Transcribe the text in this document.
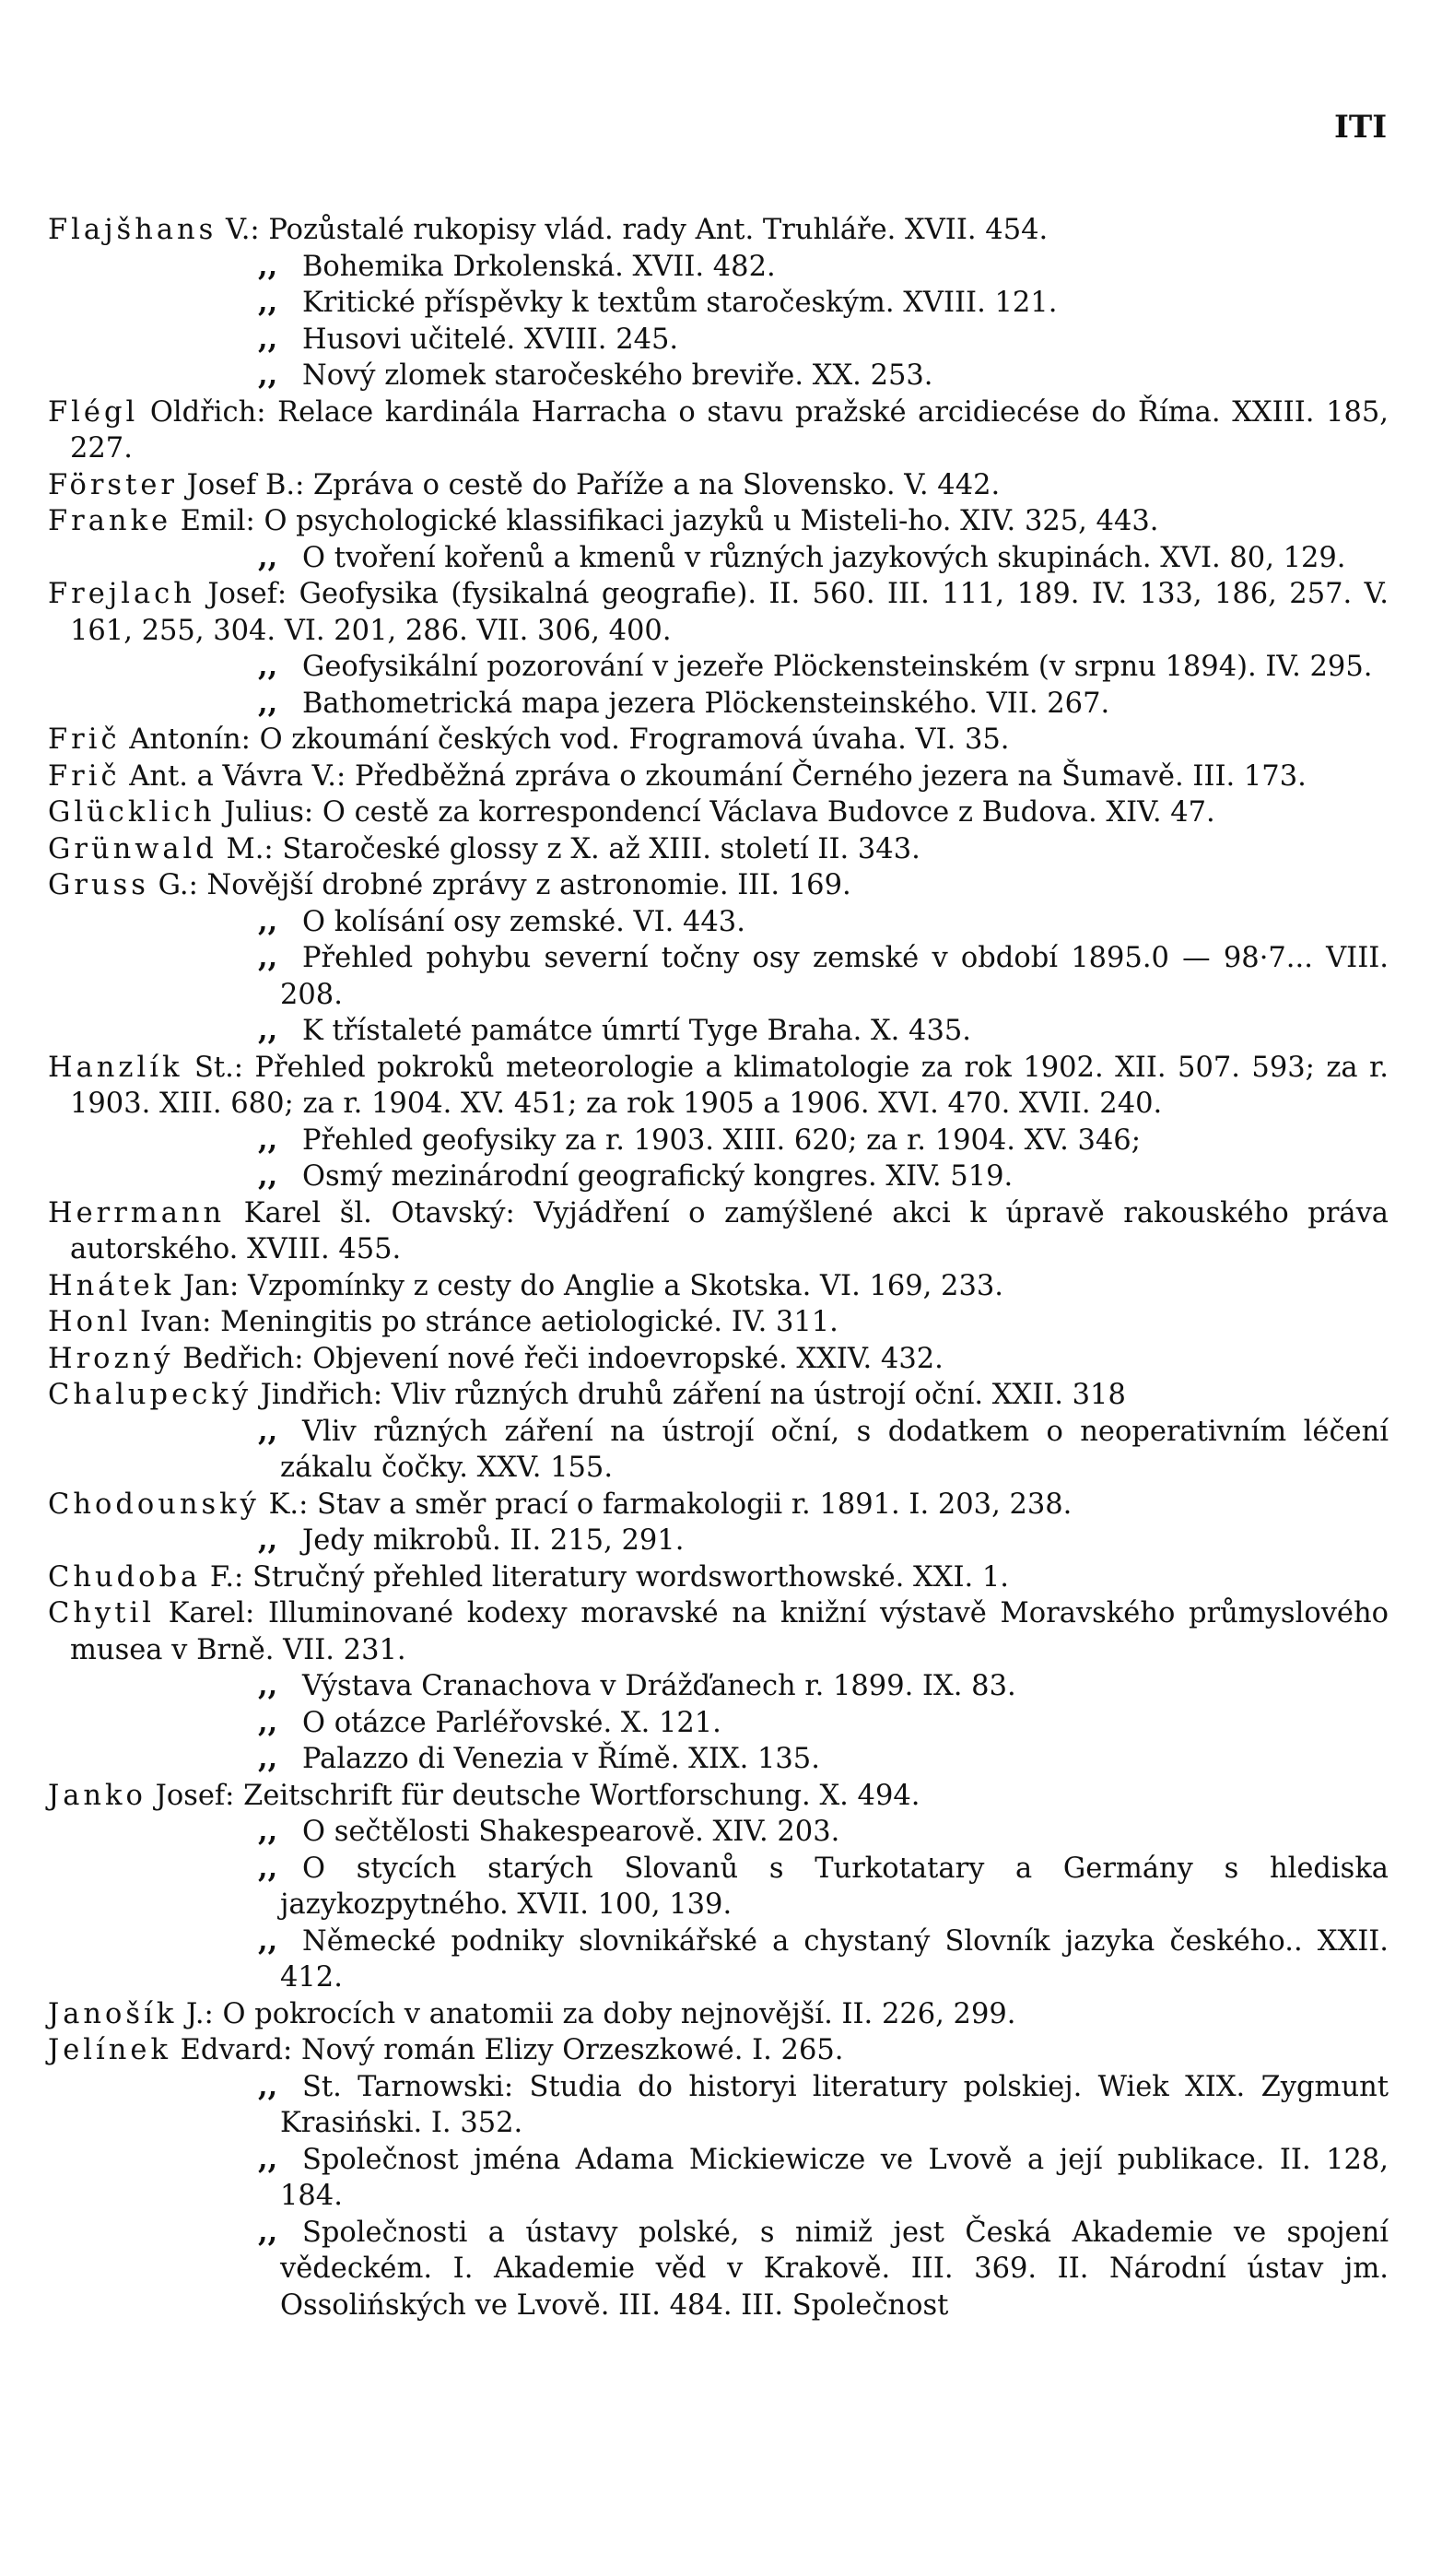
ITI
Flajšhans V.: Pozůstalé rukopisy vlád. rady Ant. Truhláře. XVII. 454.
,, Bohemika Drkolenská. XVII. 482.
,, Kritické příspěvky k textům staročeským. XVIII. 121.
,, Husovi učitelé. XVIII. 245.
,, Nový zlomek staročeského breviře. XX. 253.
Flégl Oldřich: Relace kardinála Harracha o stavu pražské arcidiecése do Říma. XXIII. 185, 227.
Förster Josef B.: Zpráva o cestě do Paříže a na Slovensko. V. 442.
Franke Emil: O psychologické klassifikaci jazyků u Misteli-ho. XIV. 325, 443.
,, O tvoření kořenů a kmenů v různých jazykových skupinách. XVI. 80, 129.
Frejlach Josef: Geofysika (fysikalná geografie). II. 560. III. 111, 189. IV. 133, 186, 257. V. 161, 255, 304. VI. 201, 286. VII. 306, 400.
,, Geofysikální pozorování v jezeře Plöckensteinském (v srpnu 1894). IV. 295.
,, Bathometrická mapa jezera Plöckensteinského. VII. 267.
Frič Antonín: O zkoumání českých vod. Frogramová úvaha. VI. 35.
Frič Ant. a Vávra V.: Předběžná zpráva o zkoumání Černého jezera na Šumavě. III. 173.
Glücklich Julius: O cestě za korrespondencí Václava Budovce z Budova. XIV. 47.
Grünwald M.: Staročeské glossy z X. až XIII. století II. 343.
Gruss G.: Novější drobné zprávy z astronomie. III. 169.
,, O kolísání osy zemské. VI. 443.
,, Přehled pohybu severní točny osy zemské v období 1895.0 — 98·7... VIII. 208.
,, K třístaleté památce úmrtí Tyge Braha. X. 435.
Hanzlík St.: Přehled pokroků meteorologie a klimatologie za rok 1902. XII. 507. 593; za r. 1903. XIII. 680; za r. 1904. XV. 451; za rok 1905 a 1906. XVI. 470. XVII. 240.
,, Přehled geofysiky za r. 1903. XIII. 620; za r. 1904. XV. 346;
,, Osmý mezinárodní geografický kongres. XIV. 519.
Herrmann Karel šl. Otavský: Vyjádření o zamýšlené akci k úpravě rakouského práva autorského. XVIII. 455.
Hnátek Jan: Vzpomínky z cesty do Anglie a Skotska. VI. 169, 233.
Honl Ivan: Meningitis po stránce aetiologické. IV. 311.
Hrozný Bedřich: Objevení nové řeči indoevropské. XXIV. 432.
Chalupecký Jindřich: Vliv různých druhů záření na ústrojí oční. XXII. 318
,, Vliv různých záření na ústrojí oční, s dodatkem o neoperativním léčení zákalu čočky. XXV. 155.
Chodounský K.: Stav a směr prací o farmakologii r. 1891. I. 203, 238.
,, Jedy mikrobů. II. 215, 291.
Chudoba F.: Stručný přehled literatury wordsworthowské. XXI. 1.
Chytil Karel: Illuminované kodexy moravské na knižní výstavě Moravského průmyslového musea v Brně. VII. 231.
,, Výstava Cranachova v Drážďanech r. 1899. IX. 83.
,, O otázce Parléřovské. X. 121.
,, Palazzo di Venezia v Římě. XIX. 135.
Janko Josef: Zeitschrift für deutsche Wortforschung. X. 494.
,, O sečtělosti Shakespearově. XIV. 203.
,, O stycích starých Slovanů s Turkotatary a Germány s hlediska jazykozpytného. XVII. 100, 139.
,, Německé podniky slovnikářské a chystaný Slovník jazyka českého.. XXII. 412.
Janošík J.: O pokrocích v anatomii za doby nejnovější. II. 226, 299.
Jelínek Edvard: Nový román Elizy Orzeszkowé. I. 265.
,, St. Tarnowski: Studia do historyi literatury polskiej. Wiek XIX. Zygmunt Krasiński. I. 352.
,, Společnost jména Adama Mickiewicze ve Lvově a její publikace. II. 128, 184.
,, Společnosti a ústavy polské, s nimiž jest Česká Akademie ve spojení vědeckém. I. Akademie věd v Krakově. III. 369. II. Národní ústav jm. Ossolińských ve Lvově. III. 484. III. Společnost
